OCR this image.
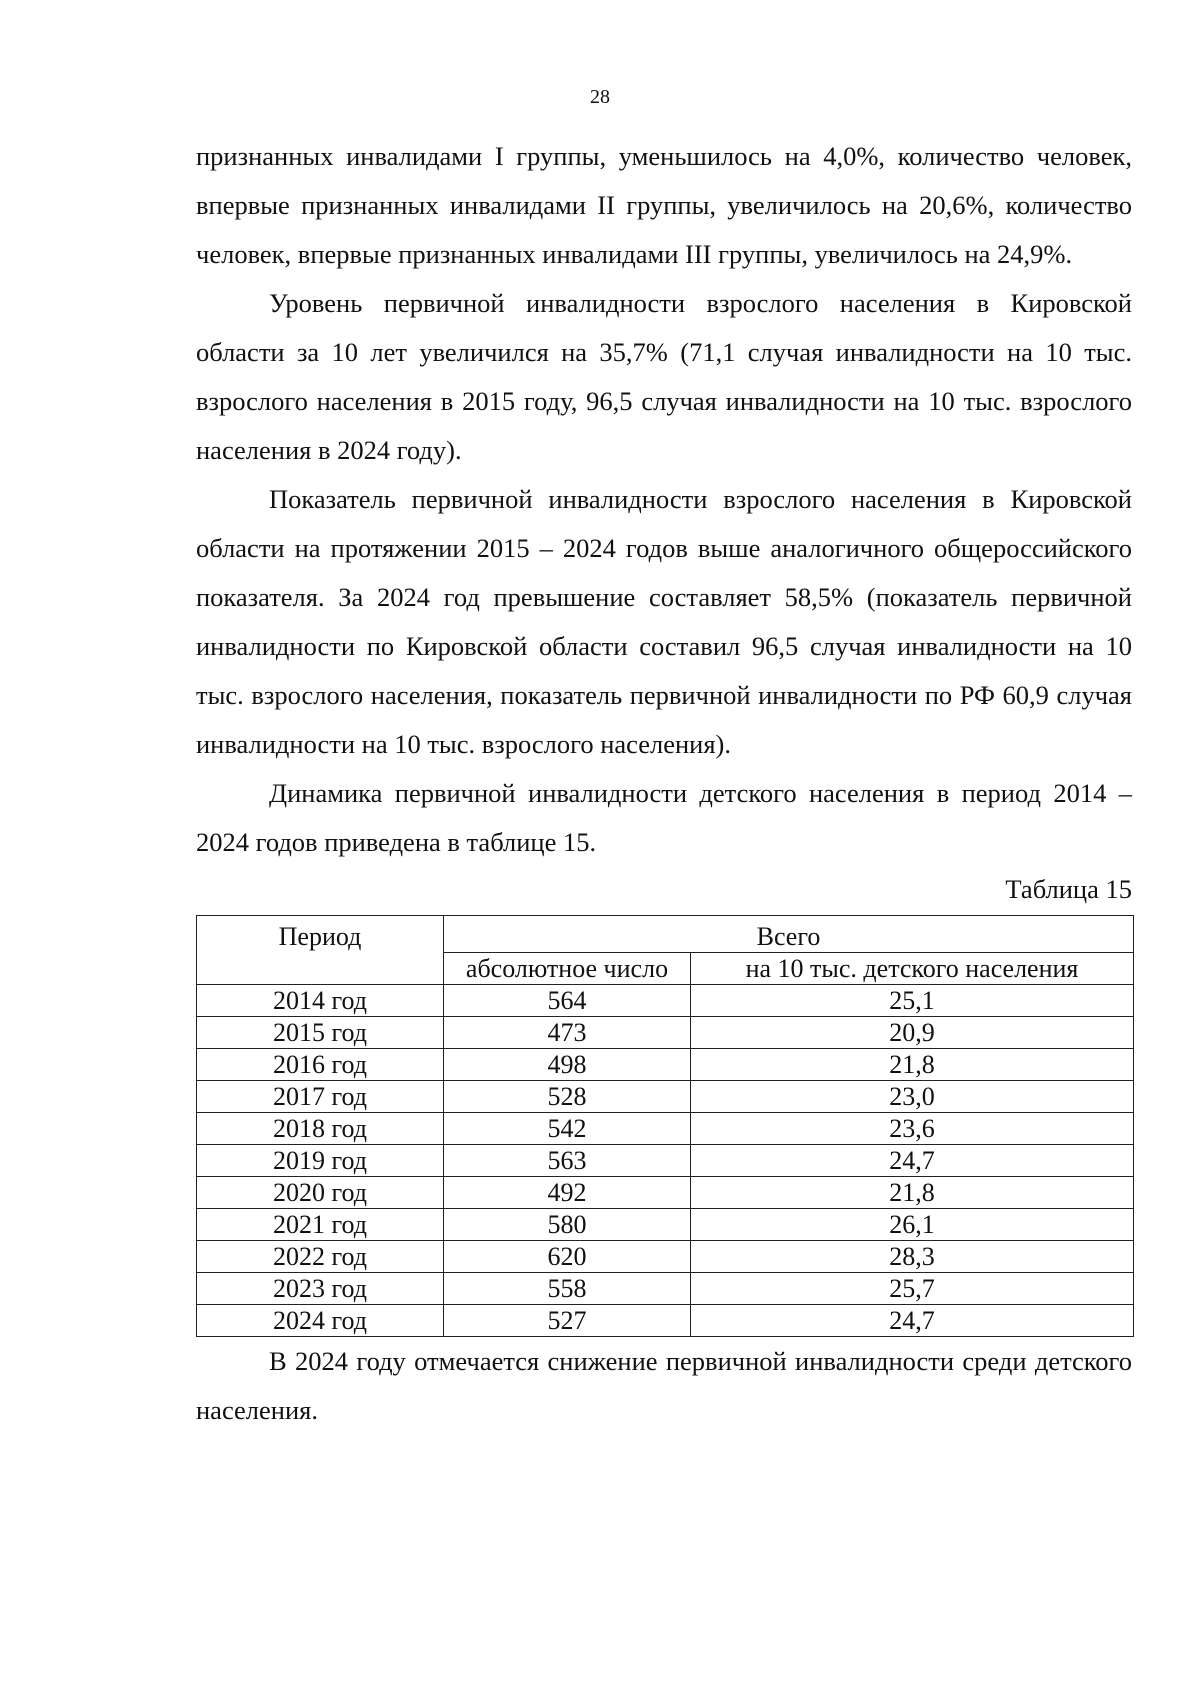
28

признанных инвалидами I группы, уменьшилось на 4,0%, количество человек, впервые признанных инвалидами II группы, увеличилось на 20,6%, количество человек, впервые признанных инвалидами III группы, увеличилось на 24,9%.

Уровень первичной инвалидности взрослого населения в Кировской области за 10 лет увеличился на 35,7% (71,1 случая инвалидности на 10 тыс. взрослого населения в 2015 году, 96,5 случая инвалидности на 10 тыс. взрослого населения в 2024 году).

Показатель первичной инвалидности взрослого населения в Кировской области на протяжении 2015 – 2024 годов выше аналогичного общероссийского показателя. За 2024 год превышение составляет 58,5% (показатель первичной инвалидности по Кировской области составил 96,5 случая инвалидности на 10 тыс. взрослого населения, показатель первичной инвалидности по РФ 60,9 случая инвалидности на 10 тыс. взрослого населения).

Динамика первичной инвалидности детского населения в период 2014 – 2024 годов приведена в таблице 15.

Таблица 15
Период	Всего	
	абсолютное число	на 10 тыс. детского населения
2014 год	564	25,1
2015 год	473	20,9
2016 год	498	21,8
2017 год	528	23,0
2018 год	542	23,6
2019 год	563	24,7
2020 год	492	21,8
2021 год	580	26,1
2022 год	620	28,3
2023 год	558	25,7
2024 год	527	24,7

В 2024 году отмечается снижение первичной инвалидности среди детского населения.
